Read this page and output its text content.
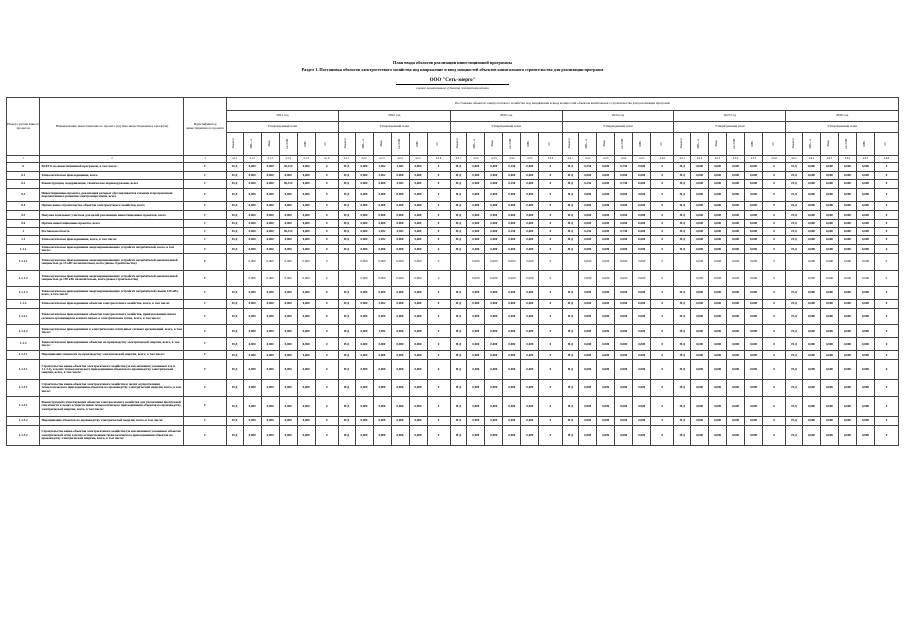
План ввода объектов реализации инвестиционной программы
Раздел 1. Постановка объектов электросетевого хозяйства под напряжение и ввод мощностей объектов капитального строительства для реализации программ
ООО "Сеть-энерго"
полное наименование субъекта электроэнергетики
Номер группы инвест. проектов	Наименование инвестиционного проекта (группы инвестиционных проектов)	Идентификатор инвестиционного проекта	Постановка объектов электросетевого хозяйства под напряжение и ввод мощностей объектов капитального строительства для реализации программ																																			
			2021 год						2022 год						2023 год						2024 год						2025 год						2026 год					
			Утвержденный план						Утвержденный план						Утвержденный план						Утвержденный план						Утвержденный план						Утвержденный план					
			Квартал	МВ×А	Мвар	км ЛЭП	МВт	шт	Квартал	МВ×А	Мвар	км ЛЭП	МВт	шт	Квартал	МВ×А	Мвар	км ЛЭП	МВт	шт	Квартал	МВ×А	Мвар	км ЛЭП	МВт	шт	Квартал	МВ×А	Мвар	км ЛЭП	МВт	шт	Квартал	МВ×А	Мвар	км ЛЭП	МВт	шт
1	2	3	4.1.1	4.1.2	4.1.3	4.1.4	4.1.5	4.1.6	4.2.1	4.2.2	4.2.3	4.2.4	4.2.5	4.2.6	4.3.1	4.3.2	4.3.3	4.3.4	4.3.5	4.3.6	4.4.1	4.4.2	4.4.3	4.4.4	4.4.5	4.4.6	4.5.1	4.5.2	4.5.3	4.5.4	4.5.5	4.5.6	4.6.1	4.6.2	4.6.3	4.6.4	4.6.5	4.6.6
0	ВСЕГО по инвестиционной программе, в том числе:	Г	Н.Д	0,000	0,000	38,314	0,000	0	Н.Д	0,000	3,092	4,583	0,000	0	Н.Д	0,000	0,000	0,250	0,000	0	Н.Д	0,250	0,000	0,750	0,000	0	Н.Д	0,000	0,000	0,000	0,000	0	Н.Д	0,000	0,000	0,000	0,000	0
0.1	Технологическое присоединение, всего	Г	Н.Д	0,000	0,000	0,000	0,000	0	Н.Д	0,000	3,092	0,000	0,000	0	Н.Д	0,000	0,000	0,000	0,000	0	Н.Д	0,000	0,000	0,000	0,000	0	Н.Д	0,000	0,000	0,000	0,000	0	Н.Д	0,000	0,000	0,000	0,000	0
0.2	Реконструкция, модернизация, техническое перевооружение, всего	Г	Н.Д	0,000	0,000	38,314	0,000	0	Н.Д	0,000	0,000	4,583	0,000	0	Н.Д	0,000	0,000	0,250	0,000	0	Н.Д	0,250	0,000	0,750	0,000	0	Н.Д	0,000	0,000	0,000	0,000	0	Н.Д	0,000	0,000	0,000	0,000	0
0.3	Инвестиционные проекты, реализация которых обуславливается схемами и программами перспективного развития электроэнергетики, всего	Г	Н.Д	0,000	0,000	0,000	0,000	0	Н.Д	0,000	0,000	0,000	0,000	0	Н.Д	0,000	0,000	0,000	0,000	0	Н.Д	0,000	0,000	0,000	0,000	0	Н.Д	0,000	0,000	0,000	0,000	0	Н.Д	0,000	0,000	0,000	0,000	0
0.4	Прочее новое строительство объектов электросетевого хозяйства, всего	Г	Н.Д	0,000	0,000	0,000	0,000	0	Н.Д	0,000	0,000	0,000	0,000	0	Н.Д	0,000	0,000	0,000	0,000	0	Н.Д	0,000	0,000	0,000	0,000	0	Н.Д	0,000	0,000	0,000	0,000	0	Н.Д	0,000	0,000	0,000	0,000	0
0.5	Покупка земельных участков для целей реализации инвестиционных проектов, всего	Г	Н.Д	0,000	0,000	0,000	0,000	0	Н.Д	0,000	0,000	0,000	0,000	0	Н.Д	0,000	0,000	0,000	0,000	0	Н.Д	0,000	0,000	0,000	0,000	0	Н.Д	0,000	0,000	0,000	0,000	0	Н.Д	0,000	0,000	0,000	0,000	0
0.6	Прочие инвестиционные проекты, всего	Г	Н.Д	0,000	0,000	0,000	0,000	0	Н.Д	0,000	0,000	0,000	0,000	0	Н.Д	0,000	0,000	0,000	0,000	0	Н.Д	0,000	0,000	0,000	0,000	0	Н.Д	0,000	0,000	0,000	0,000	0	Н.Д	0,000	0,000	0,000	0,000	0
1	Ростовская область	Г	Н.Д	0,000	0,000	38,314	0,000	0	Н.Д	0,000	3,092	4,583	0,000	0	Н.Д	0,000	0,000	0,250	0,000	0	Н.Д	0,250	0,000	0,750	0,000	0	Н.Д	0,000	0,000	0,000	0,000	0	Н.Д	0,000	0,000	0,000	0,000	0
1.1	Технологическое присоединение, всего, в том числе:	Г	Н.Д	0,000	0,000	0,000	0,000	0	Н.Д	0,000	3,092	0,000	0,000	0	Н.Д	0,000	0,000	0,000	0,000	0	Н.Д	0,000	0,000	0,000	0,000	0	Н.Д	0,000	0,000	0,000	0,000	0	Н.Д	0,000	0,000	0,000	0,000	0
1.1.1	Технологическое присоединение энергопринимающих устройств потребителей, всего, в том числе:	Г	Н.Д	0,000	0,000	0,000	0,000	0	Н.Д	0,000	0,000	0,000	0,000	0	Н.Д	0,000	0,000	0,000	0,000	0	Н.Д	0,000	0,000	0,000	0,000	0	Н.Д	0,000	0,000	0,000	0,000	0	Н.Д	0,000	0,000	0,000	0,000	0
1.1.1.1	Технологическое присоединение энергопринимающих устройств потребителей максимальной мощностью до 15 кВт включительно, всего (новое строительство)	Г		0,000	0,000	0,000	0,000	0		0,000	0,000	0,000	0,000	0		0,000	0,000	0,000	0,000	0		0,000	0,000	0,000	0,000	0		0,000	0,000	0,000	0,000	0		0,000	0,000	0,000	0,000	0
1.1.1.2	Технологическое присоединение энергопринимающих устройств потребителей максимальной мощностью до 150 кВт включительно, всего (новое строительство)	Г		0,000	0,000	0,000	0,000	0		0,000	0,000	0,000	0,000	0		0,000	0,000	0,000	0,000	0		0,000	0,000	0,000	0,000	0		0,000	0,000	0,000	0,000	0		0,000	0,000	0,000	0,000	0
1.1.1.3	Технологическое присоединение энергопринимающих устройств потребителей свыше 150 кВт, всего, в том числе:	Г	Н.Д	0,000	0,000	0,000	0,000	0	Н.Д	0,000	0,000	0,000	0,000	0	Н.Д	0,000	0,000	0,000	0,000	0	Н.Д	0,000	0,000	0,000	0,000	0	Н.Д	0,000	0,000	0,000	0,000	0	Н.Д	0,000	0,000	0,000	0,000	0
1.1.2	Технологическое присоединение объектов электросетевого хозяйства, всего, в том числе:	Г	Н.Д	0,000	0,000	0,000	0,000	0	Н.Д	0,000	3,092	0,000	0,000	0	Н.Д	0,000	0,000	0,000	0,000	0	Н.Д	0,000	0,000	0,000	0,000	0	Н.Д	0,000	0,000	0,000	0,000	0	Н.Д	0,000	0,000	0,000	0,000	0
1.1.2.1	Технологическое присоединение объектов электросетевого хозяйства, принадлежащих иным сетевым организациям и иным лицам, к электрическим сетям, всего, в том числе:	Г	Н.Д	0,000	0,000	0,000	0,000	0	Н.Д	0,000	0,000	0,000	0,000	0	Н.Д	0,000	0,000	0,000	0,000	0	Н.Д	0,000	0,000	0,000	0,000	0	Н.Д	0,000	0,000	0,000	0,000	0	Н.Д	0,000	0,000	0,000	0,000	0
1.1.2.2	Технологическое присоединение к электрическим сетям иных сетевых организаций, всего, в том числе:	Г	Н.Д	0,000	0,000	0,000	0,000	0	Н.Д	0,000	3,092	0,000	0,000	0	Н.Д	0,000	0,000	0,000	0,000	0	Н.Д	0,000	0,000	0,000	0,000	0	Н.Д	0,000	0,000	0,000	0,000	0	Н.Д	0,000	0,000	0,000	0,000	0
1.1.3	Технологическое присоединение объектов по производству электрической энергии, всего, в том числе:	Г	Н.Д	0,000	0,000	0,000	0,000	0	Н.Д	0,000	0,000	0,000	0,000	0	Н.Д	0,000	0,000	0,000	0,000	0	Н.Д	0,000	0,000	0,000	0,000	0	Н.Д	0,000	0,000	0,000	0,000	0	Н.Д	0,000	0,000	0,000	0,000	0
1.1.3.1	Наращивание мощности по производству электрической энергии, всего, в том числе:	Г	Н.Д	0,000	0,000	0,000	0,000	0	Н.Д	0,000	0,000	0,000	0,000	0	Н.Д	0,000	0,000	0,000	0,000	0	Н.Д	0,000	0,000	0,000	0,000	0	Н.Д	0,000	0,000	0,000	0,000	0	Н.Д	0,000	0,000	0,000	0,000	0
1.1.3.1	Строительство вновь объектов электросетевого хозяйства (за исключением указанных в п.п. 1.1.3.2), в целях технологического присоединения объектов по производству электрической энергии, всего, в том числе:	Г	Н.Д	0,000	0,000	0,000	0,000	0	Н.Д	0,000	0,000	0,000	0,000	0	Н.Д	0,000	0,000	0,000	0,000	0	Н.Д	0,000	0,000	0,000	0,000	0	Н.Д	0,000	0,000	0,000	0,000	0	Н.Д	0,000	0,000	0,000	0,000	0
1.1.3.1	Строительство вновь объектов электросетевого хозяйства в целях осуществления технологического присоединения объектов по производству электрической энергии, всего, в том числе:	Г	Н.Д	0,000	0,000	0,000	0,000	0	Н.Д	0,000	0,000	0,000	0,000	0	Н.Д	0,000	0,000	0,000	0,000	0	Н.Д	0,000	0,000	0,000	0,000	0	Н.Д	0,000	0,000	0,000	0,000	0	Н.Д	0,000	0,000	0,000	0,000	0
1.1.3.1	Реконструкция существующих объектов электросетевого хозяйства для увеличения пропускной способности в целях осуществления технологического присоединения объектов по производству электрической энергии, всего, в том числе:	Г	Н.Д	0,000	0,000	0,000	0,000	0	Н.Д	0,000	0,000	0,000	0,000	0	Н.Д	0,000	0,000	0,000	0,000	0	Н.Д	0,000	0,000	0,000	0,000	0	Н.Д	0,000	0,000	0,000	0,000	0	Н.Д	0,000	0,000	0,000	0,000	0
1.1.3.2	Наращивание объектов по производству электрической энергии, всего, в том числе:	Г	Н.Д	0,000	0,000	0,000	0,000	0	Н.Д	0,000	0,000	0,000	0,000	0	Н.Д	0,000	0,000	0,000	0,000	0	Н.Д	0,000	0,000	0,000	0,000	0	Н.Д	0,000	0,000	0,000	0,000	0	Н.Д	0,000	0,000	0,000	0,000	0
1.1.3.2	Строительство вновь объектов электросетевого хозяйства (за исключением указанных объектов электрической сети) в целях осуществления технологического присоединения объектов по производству электрической энергии, всего, в том числе:	Г	Н.Д	0,000	0,000	0,000	0,000	0	Н.Д	0,000	0,000	0,000	0,000	0	Н.Д	0,000	0,000	0,000	0,000	0	Н.Д	0,000	0,000	0,000	0,000	0	Н.Д	0,000	0,000	0,000	0,000	0	Н.Д	0,000	0,000	0,000	0,000	0
